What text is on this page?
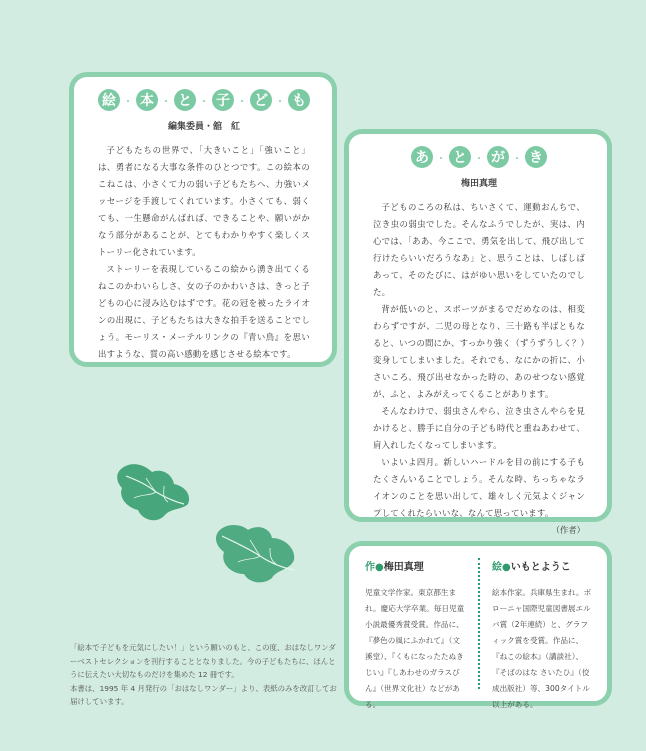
絵 ・ 本 ・ と ・ 子 ・ ど ・ も
編集委員・舘　紅

子どもたちの世界で、「大きいこと」「強いこと」は、勇者になる大事な条件のひとつです。この絵本のこねこは、小さくて力の弱い子どもたちへ、力強いメッセージを手渡してくれています。小さくても、弱くても、一生懸命がんばれば、できることや、願いがかなう部分があることが、とてもわかりやすく楽しくストーリー化されています。

ストーリーを表現しているこの絵から湧き出てくるねこのかわいらしさ、女の子のかわいさは、きっと子どもの心に浸み込むはずです。花の冠を被ったライオンの出現に、子どもたちは大きな拍手を送ることでしょう。モーリス・メーテルリンクの『青い鳥』を思い出すような、質の高い感動を感じさせる絵本です。

あ ・ と ・ が ・ き
梅田真理

子どものころの私は、ちいさくて、運動おんちで、泣き虫の弱虫でした。そんなふうでしたが、実は、内心では、「ああ、今ここで、勇気を出して、飛び出して行けたらいいだろうなあ」と、思うことは、しばしばあって、そのたびに、はがゆい思いをしていたのでした。

背が低いのと、スポーツがまるでだめなのは、相変わらずですが、二児の母となり、三十路も半ばともなると、いつの間にか、すっかり強く（ずうずうしく？）変身してしまいました。それでも、なにかの折に、小さいころ、飛び出せなかった時の、あのせつない感覚が、ふと、よみがえってくることがあります。

そんなわけで、弱虫さんやら、泣き虫さんやらを見かけると、勝手に自分の子ども時代と重ねあわせて、肩入れしたくなってしまいます。

いよいよ四月。新しいハードルを目の前にする子もたくさんいることでしょう。そんな時、ちっちゃなライオンのことを思い出して、雄々しく元気よくジャンプしてくれたらいいな、なんて思っています。

（作者）
作●梅田真理
児童文学作家。東京都生まれ。慶応大学卒業。毎日児童小説最優秀賞受賞。作品に、『夢色の風にふかれて』（文溪堂）、『くもになったたぬきじい』『しあわせのガラスびん』（世界文化社）などがある。
絵●いもとようこ
絵本作家。兵庫県生まれ。ボローニャ国際児童図書展エルバ賞（2年連続）と、グラフィック賞を受賞。作品に、『ねこの絵本』（講談社）、『そばのはな さいたひ』（佼成出版社）等、300タイトル以上がある。
「絵本で子どもを元気にしたい！」という願いのもと、この度、おはなしワンダーベストセレクションを刊行することとなりました。今の子どもたちに、ほんとうに伝えたい大切なものだけを集めた 12 冊です。
本書は、1995 年 4 月発行の「おはなしワンダー」より、表紙のみを改訂してお届けしています。
